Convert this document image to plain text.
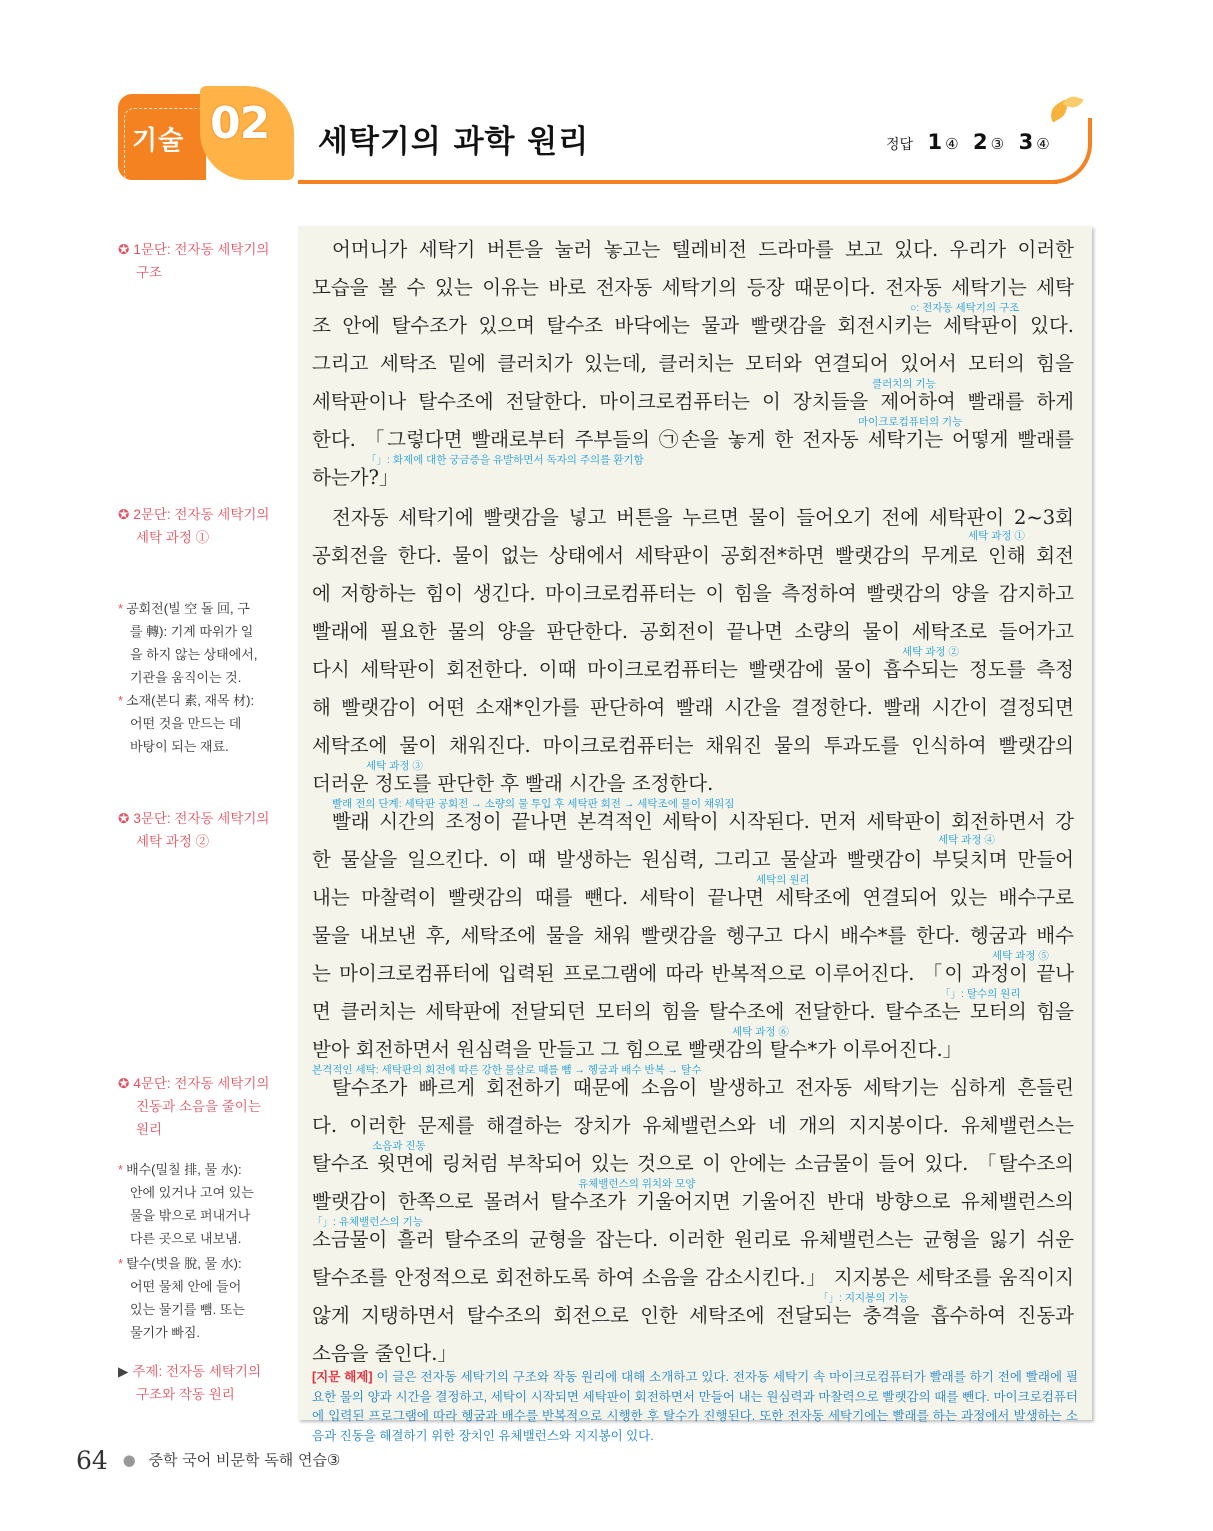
기술 02 세탁기의 과학 원리	정답 1 ④ 2 ③ 3 ④
✪ 1문단: 전자동 세탁기의
구조
✪ 2문단: 전자동 세탁기의
세탁 과정 ①
* 공회전(빌 空 돌 回, 구
를 轉): 기계 따위가 일
을 하지 않는 상태에서,
기관을 움직이는 것.
* 소재(본디 素, 재목 材):
어떤 것을 만드는 데
바탕이 되는 재료.
✪ 3문단: 전자동 세탁기의
세탁 과정 ②
✪ 4문단: 전자동 세탁기의
진동과 소음을 줄이는
원리
* 배수(밀칠 排, 물 水):
안에 있거나 고여 있는
물을 밖으로 퍼내거나
다른 곳으로 내보냄.
* 탈수(벗을 脫, 물 水):
어떤 물체 안에 들어
있는 물기를 뺌. 또는
물기가 빠짐.
▶ 주제: 전자동 세탁기의
구조와 작동 원리
어머니가 세탁기 버튼을 눌러 놓고는 텔레비전 드라마를 보고 있다. 우리가 이러한
모습을 볼 수 있는 이유는 바로 전자동 세탁기의 등장 때문이다. 전자동 세탁기는 세탁
○: 전자동 세탁기의 구조
조 안에 탈수조가 있으며 탈수조 바닥에는 물과 빨랫감을 회전시키는 세탁판이 있다.
그리고 세탁조 밑에 클러치가 있는데, 클러치는 모터와 연결되어 있어서 모터의 힘을
클러치의 기능
세탁판이나 탈수조에 전달한다. 마이크로컴퓨터는 이 장치들을 제어하여 빨래를 하게
마이크로컴퓨터의 기능
한다. 「그렇다면 빨래로부터 주부들의 ㉠손을 놓게 한 전자동 세탁기는 어떻게 빨래를
「」: 화제에 대한 궁금증을 유발하면서 독자의 주의를 환기함
하는가?」
전자동 세탁기에 빨랫감을 넣고 버튼을 누르면 물이 들어오기 전에 세탁판이 2~3회
세탁 과정 ①
공회전을 한다. 물이 없는 상태에서 세탁판이 공회전*하면 빨랫감의 무게로 인해 회전
에 저항하는 힘이 생긴다. 마이크로컴퓨터는 이 힘을 측정하여 빨랫감의 양을 감지하고
빨래에 필요한 물의 양을 판단한다. 공회전이 끝나면 소량의 물이 세탁조로 들어가고
세탁 과정 ②
다시 세탁판이 회전한다. 이때 마이크로컴퓨터는 빨랫감에 물이 흡수되는 정도를 측정
해 빨랫감이 어떤 소재*인가를 판단하여 빨래 시간을 결정한다. 빨래 시간이 결정되면
세탁조에 물이 채워진다. 마이크로컴퓨터는 채워진 물의 투과도를 인식하여 빨랫감의
세탁 과정 ③
더러운 정도를 판단한 후 빨래 시간을 조정한다.
빨래 전의 단계: 세탁판 공회전 → 소량의 물 투입 후 세탁판 회전 → 세탁조에 물이 채워짐
빨래 시간의 조정이 끝나면 본격적인 세탁이 시작된다. 먼저 세탁판이 회전하면서 강
세탁 과정 ④
한 물살을 일으킨다. 이 때 발생하는 원심력, 그리고 물살과 빨랫감이 부딪치며 만들어
세탁의 원리
내는 마찰력이 빨랫감의 때를 뺀다. 세탁이 끝나면 세탁조에 연결되어 있는 배수구로
물을 내보낸 후, 세탁조에 물을 채워 빨랫감을 헹구고 다시 배수*를 한다. 헹굼과 배수
세탁 과정 ⑤
는 마이크로컴퓨터에 입력된 프로그램에 따라 반복적으로 이루어진다. 「이 과정이 끝나
「」: 탈수의 원리
면 클러치는 세탁판에 전달되던 모터의 힘을 탈수조에 전달한다. 탈수조는 모터의 힘을
세탁 과정 ⑥
받아 회전하면서 원심력을 만들고 그 힘으로 빨랫감의 탈수*가 이루어진다.」
본격적인 세탁: 세탁판의 회전에 따른 강한 물살로 때를 뺌 → 헹굼과 배수 반복 → 탈수
탈수조가 빠르게 회전하기 때문에 소음이 발생하고 전자동 세탁기는 심하게 흔들린
다. 이러한 문제를 해결하는 장치가 유체밸런스와 네 개의 지지봉이다. 유체밸런스는
소음과 진동
탈수조 윗면에 링처럼 부착되어 있는 것으로 이 안에는 소금물이 들어 있다. 「탈수조의
유체밸런스의 위치와 모양
빨랫감이 한쪽으로 몰려서 탈수조가 기울어지면 기울어진 반대 방향으로 유체밸런스의
「」: 유체밸런스의 기능
소금물이 흘러 탈수조의 균형을 잡는다. 이러한 원리로 유체밸런스는 균형을 잃기 쉬운
탈수조를 안정적으로 회전하도록 하여 소음을 감소시킨다.」 지지봉은 세탁조를 움직이지
「」: 지지봉의 기능
않게 지탱하면서 탈수조의 회전으로 인한 세탁조에 전달되는 충격을 흡수하여 진동과
소음을 줄인다.」
[지문 해제] 이 글은 전자동 세탁기의 구조와 작동 원리에 대해 소개하고 있다. 전자동 세탁기 속 마이크로컴퓨터가 빨래를 하기 전에 빨래에 필요한 물의 양과 시간을 결정하고, 세탁이 시작되면 세탁판이 회전하면서 만들어 내는 원심력과 마찰력으로 빨랫감의 때를 뺀다. 마이크로컴퓨터에 입력된 프로그램에 따라 헹굼과 배수를 반복적으로 시행한 후 탈수가 진행된다. 또한 전자동 세탁기에는 빨래를 하는 과정에서 발생하는 소음과 진동을 해결하기 위한 장치인 유체밸런스와 지지봉이 있다.
64 ● 중학 국어 비문학 독해 연습③
